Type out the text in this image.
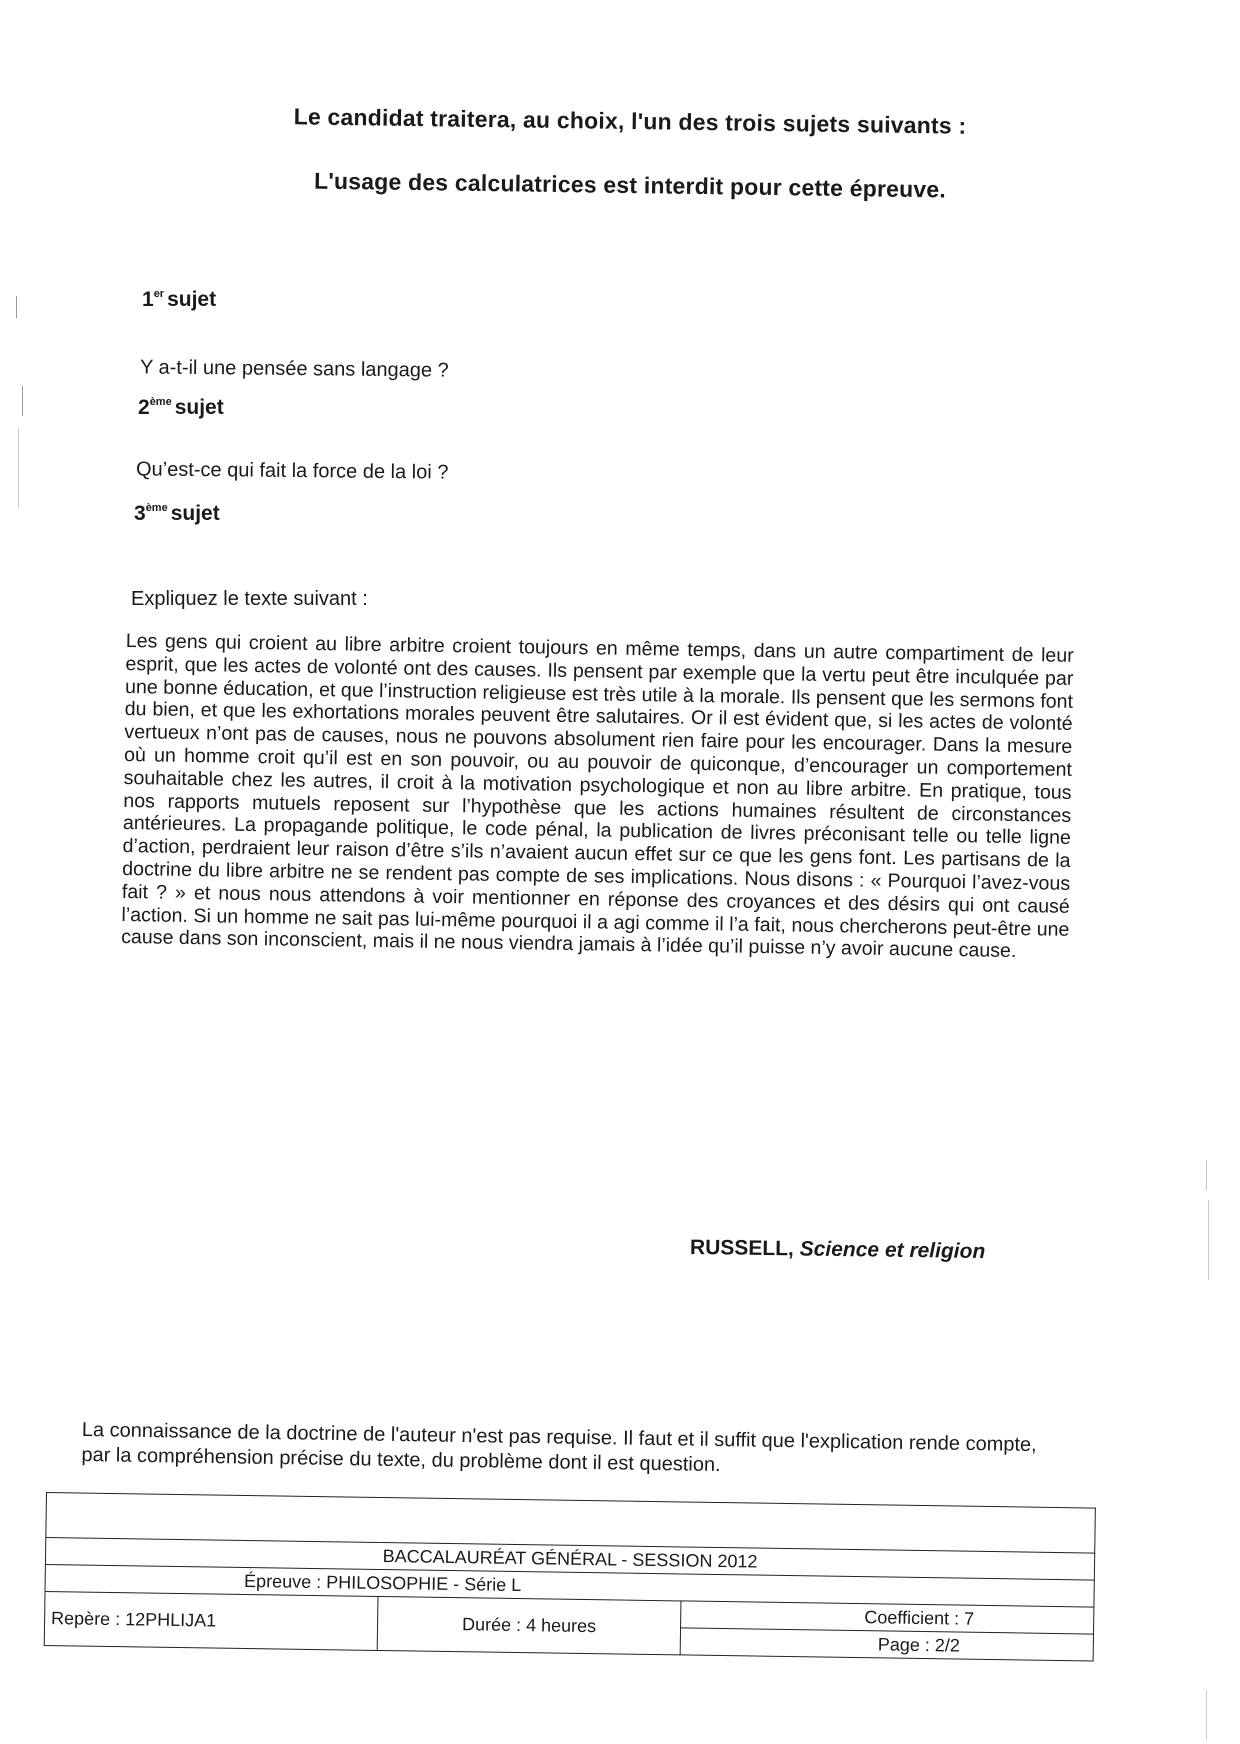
Le candidat traitera, au choix, l'un des trois sujets suivants :
L'usage des calculatrices est interdit pour cette épreuve.
1er sujet
Y a-t-il une pensée sans langage ?
2ème sujet
Qu’est-ce qui fait la force de la loi ?
3ème sujet
Expliquez le texte suivant :

Les gens qui croient au libre arbitre croient toujours en même temps, dans un autre compartiment de leur esprit, que les actes de volonté ont des causes. Ils pensent par exemple que la vertu peut être inculquée par une bonne éducation, et que l’instruction religieuse est très utile à la morale. Ils pensent que les sermons font du bien, et que les exhortations morales peuvent être salutaires. Or il est évident que, si les actes de volonté vertueux n’ont pas de causes, nous ne pouvons absolument rien faire pour les encourager. Dans la mesure où un homme croit qu’il est en son pouvoir, ou au pouvoir de quiconque, d’encourager un comportement souhaitable chez les autres, il croit à la motivation psychologique et non au libre arbitre. En pratique, tous nos rapports mutuels reposent sur l’hypothèse que les actions humaines résultent de circonstances antérieures. La propagande politique, le code pénal, la publication de livres préconisant telle ou telle ligne d’action, perdraient leur raison d’être s’ils n’avaient aucun effet sur ce que les gens font. Les partisans de la doctrine du libre arbitre ne se rendent pas compte de ses implications. Nous disons : « Pourquoi l’avez-vous fait ? » et nous nous attendons à voir mentionner en réponse des croyances et des désirs qui ont causé l’action. Si un homme ne sait pas lui-même pourquoi il a agi comme il l’a fait, nous chercherons peut-être une cause dans son inconscient, mais il ne nous viendra jamais à l’idée qu’il puisse n’y avoir aucune cause.

RUSSELL, Science et religion

La connaissance de la doctrine de l'auteur n'est pas requise. Il faut et il suffit que l'explication rende compte, par la compréhension précise du texte, du problème dont il est question.

BACCALAURÉAT GÉNÉRAL - SESSION 2012
Épreuve : PHILOSOPHIE - Série L
Repère : 12PHLIJA1	Durée : 4 heures	Coefficient : 7
Page : 2/2
